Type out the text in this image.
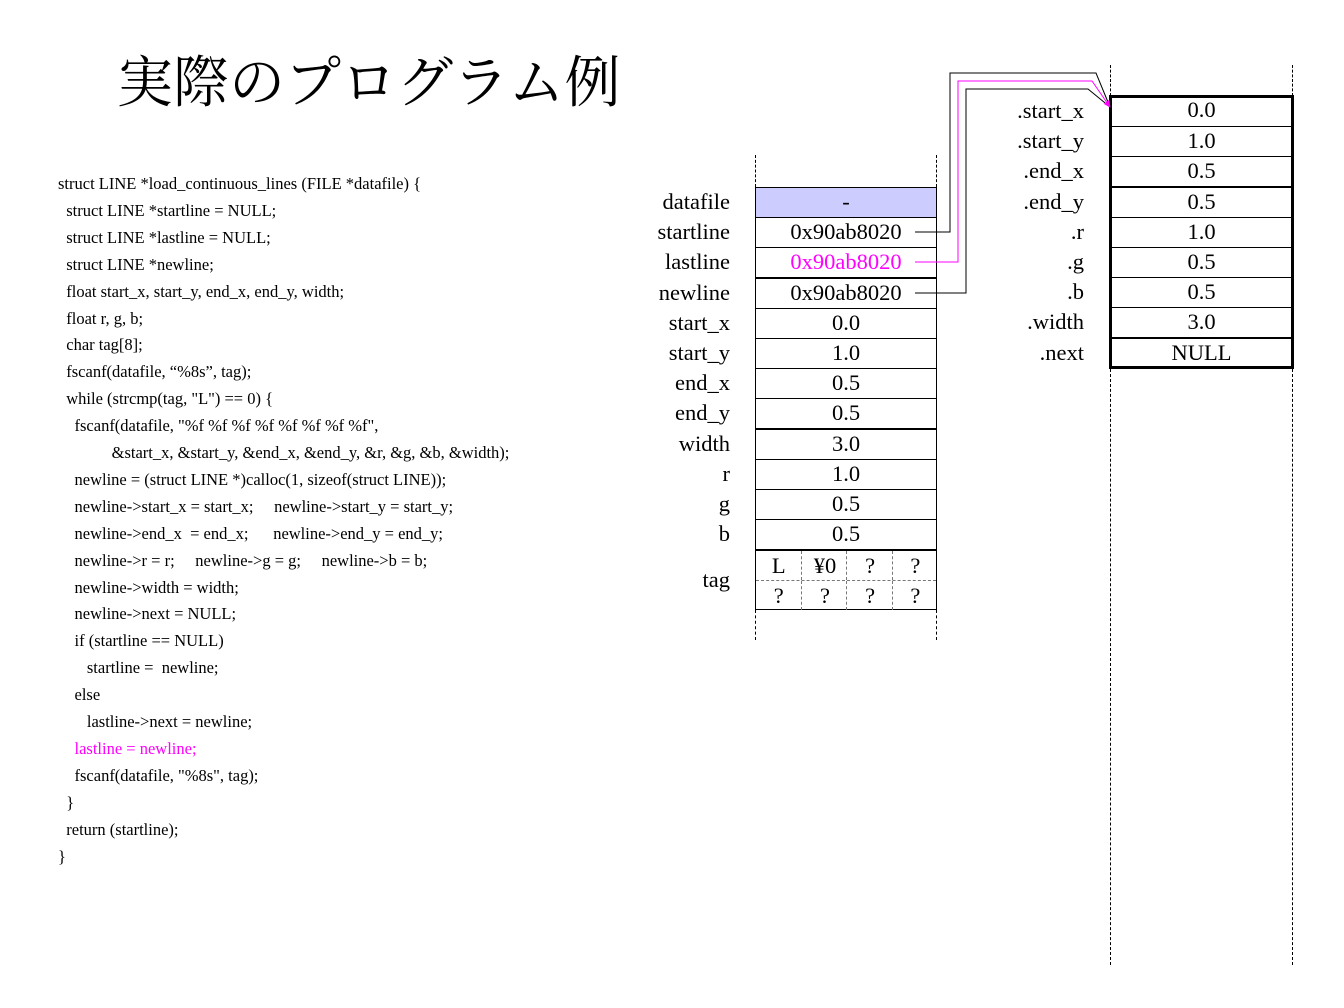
実際のプログラム例
struct LINE *load_continuous_lines (FILE *datafile) {
struct LINE *startline = NULL;
struct LINE *lastline = NULL;
struct LINE *newline;
float start_x, start_y, end_x, end_y, width;
float r, g, b;
char tag[8];
fscanf(datafile, “%8s”, tag);
while (strcmp(tag, "L") == 0) {
fscanf(datafile, "%f %f %f %f %f %f %f %f",
&start_x, &start_y, &end_x, &end_y, &r, &g, &b, &width);
newline = (struct LINE *)calloc(1, sizeof(struct LINE));
newline->start_x = start_x;     newline->start_y = start_y;
newline->end_x  = end_x;      newline->end_y = end_y;
newline->r = r;     newline->g = g;     newline->b = b;
newline->width = width;
newline->next = NULL;
if (startline == NULL)
startline =  newline;
else
lastline->next = newline;
lastline = newline;
fscanf(datafile, "%8s", tag);
}
return (startline);
}
datafile	-
startline	0x90ab8020
lastline	0x90ab8020
newline	0x90ab8020
start_x	0.0
start_y	1.0
end_x	0.5
end_y	0.5
width	3.0
r	1.0
g	0.5
b	0.5
tag
L	¥0	?	?
?	?	?	?
.start_x	0.0
.start_y	1.0
.end_x	0.5
.end_y	0.5
.r	1.0
.g	0.5
.b	0.5
.width	3.0
.next	NULL
